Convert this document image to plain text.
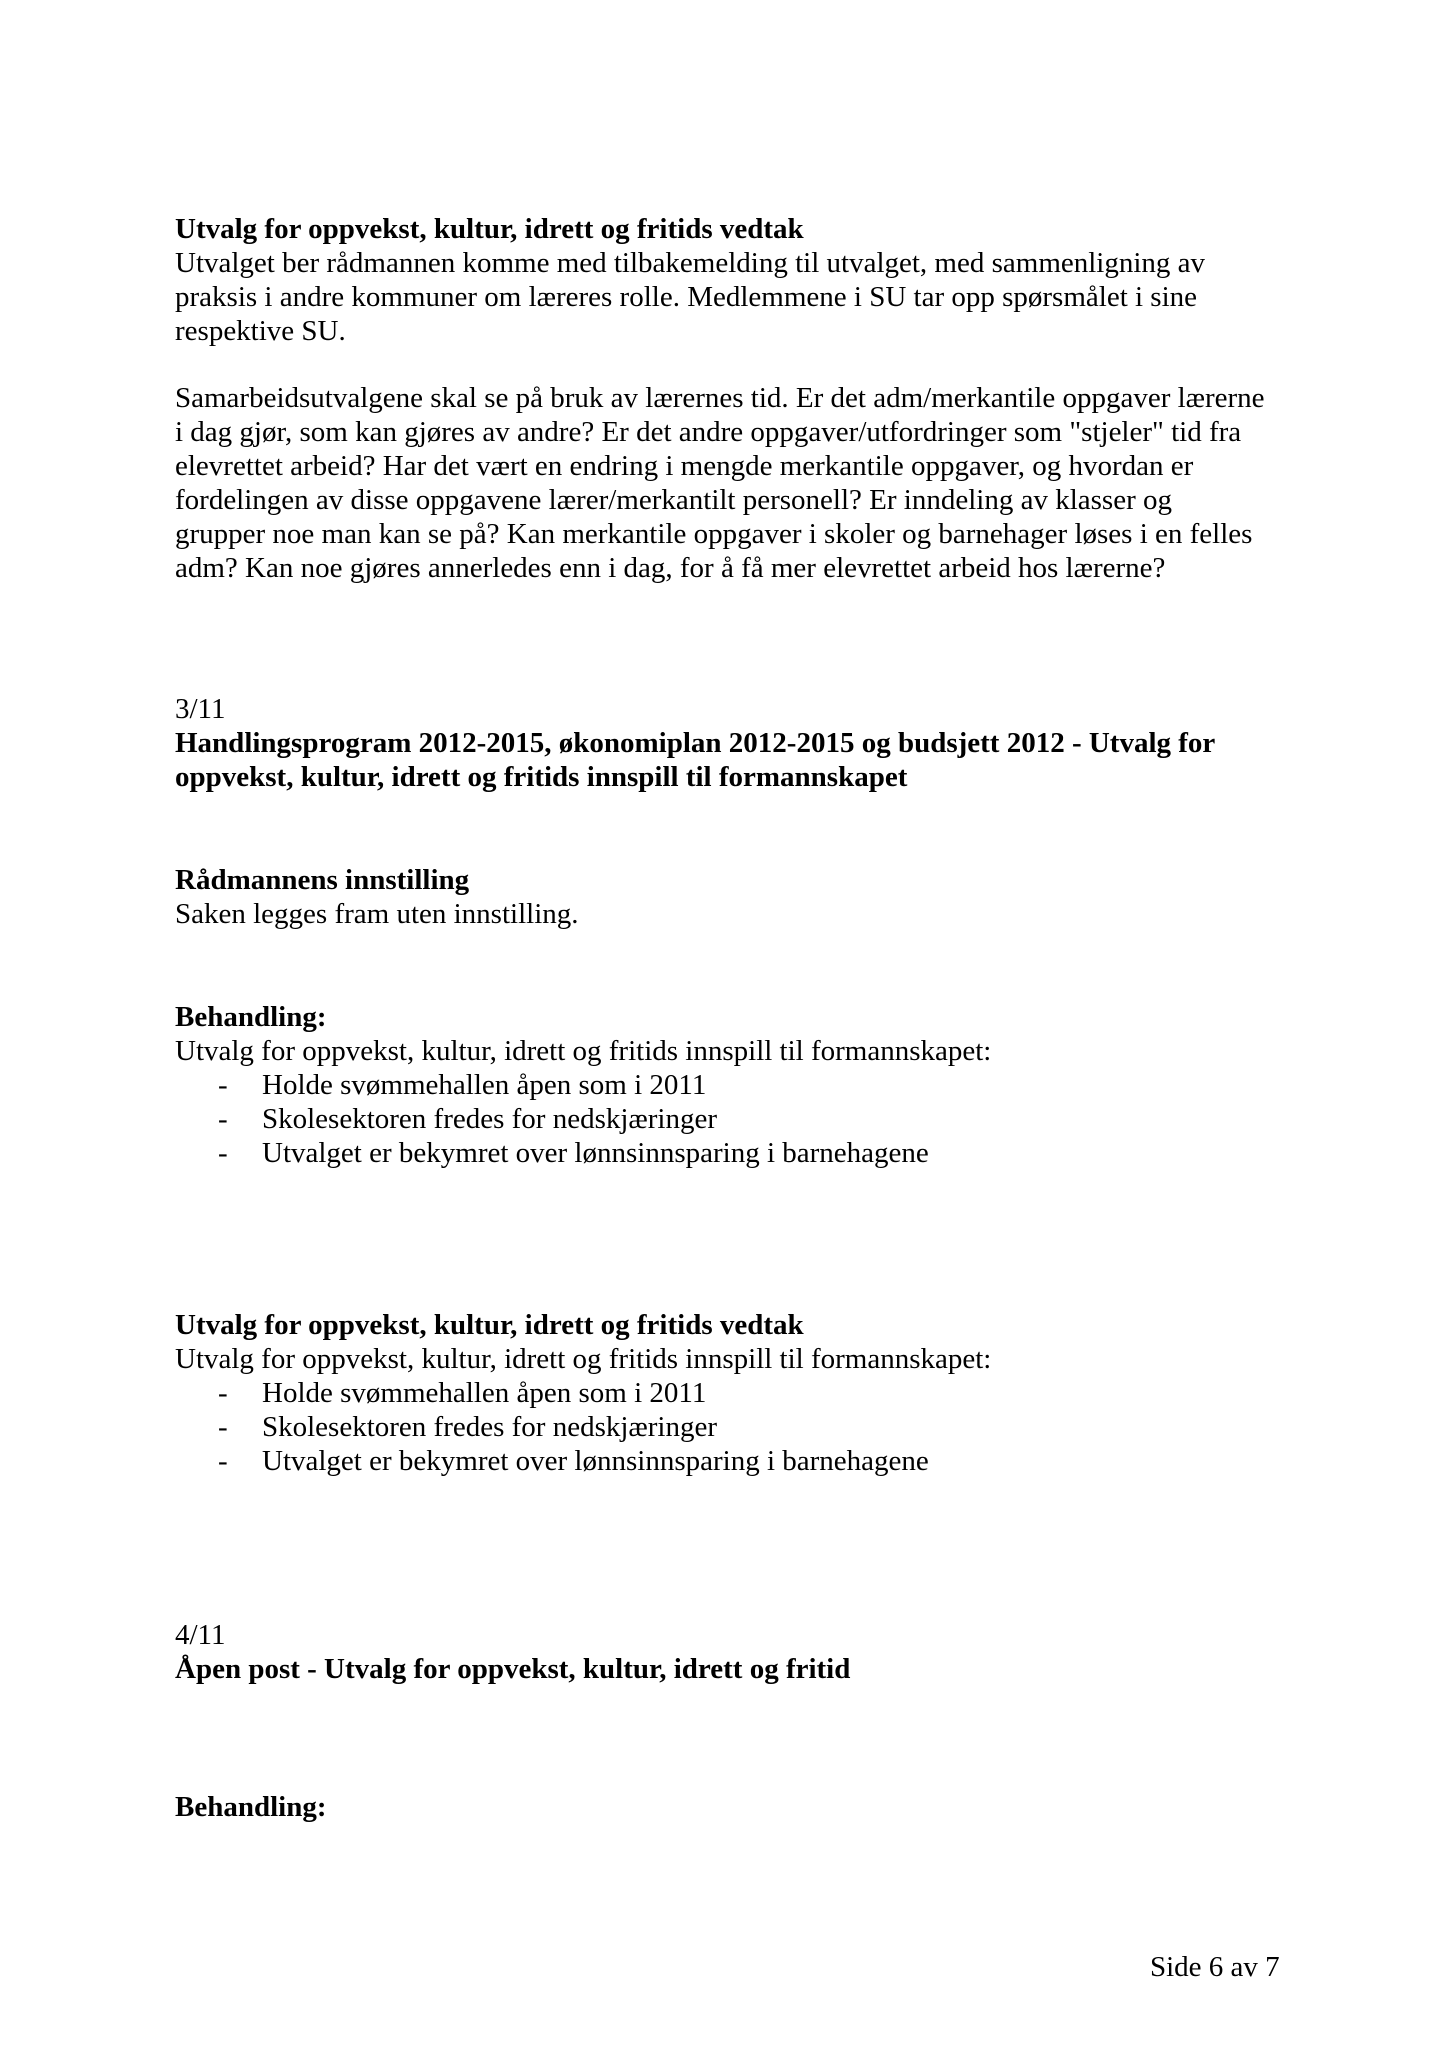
Utvalg for oppvekst, kultur, idrett og fritids vedtak
Utvalget ber rådmannen komme med tilbakemelding til utvalget, med sammenligning av
praksis i andre kommuner om læreres rolle. Medlemmene i SU tar opp spørsmålet i sine
respektive SU.
Samarbeidsutvalgene skal se på bruk av lærernes tid. Er det adm/merkantile oppgaver lærerne
i dag gjør, som kan gjøres av andre? Er det andre oppgaver/utfordringer som "stjeler" tid fra
elevrettet arbeid? Har det vært en endring i mengde merkantile oppgaver, og hvordan er
fordelingen av disse oppgavene lærer/merkantilt personell? Er inndeling av klasser og
grupper noe man kan se på? Kan merkantile oppgaver i skoler og barnehager løses i en felles
adm? Kan noe gjøres annerledes enn i dag, for å få mer elevrettet arbeid hos lærerne?
3/11
Handlingsprogram 2012-2015, økonomiplan 2012-2015 og budsjett 2012 - Utvalg for
oppvekst, kultur, idrett og fritids innspill til formannskapet
Rådmannens innstilling
Saken legges fram uten innstilling.
Behandling:
Utvalg for oppvekst, kultur, idrett og fritids innspill til formannskapet:
- Holde svømmehallen åpen som i 2011
- Skolesektoren fredes for nedskjæringer
- Utvalget er bekymret over lønnsinnsparing i barnehagene
Utvalg for oppvekst, kultur, idrett og fritids vedtak
Utvalg for oppvekst, kultur, idrett og fritids innspill til formannskapet:
- Holde svømmehallen åpen som i 2011
- Skolesektoren fredes for nedskjæringer
- Utvalget er bekymret over lønnsinnsparing i barnehagene
4/11
Åpen post - Utvalg for oppvekst, kultur, idrett og fritid
Behandling:
Side 6 av 7
